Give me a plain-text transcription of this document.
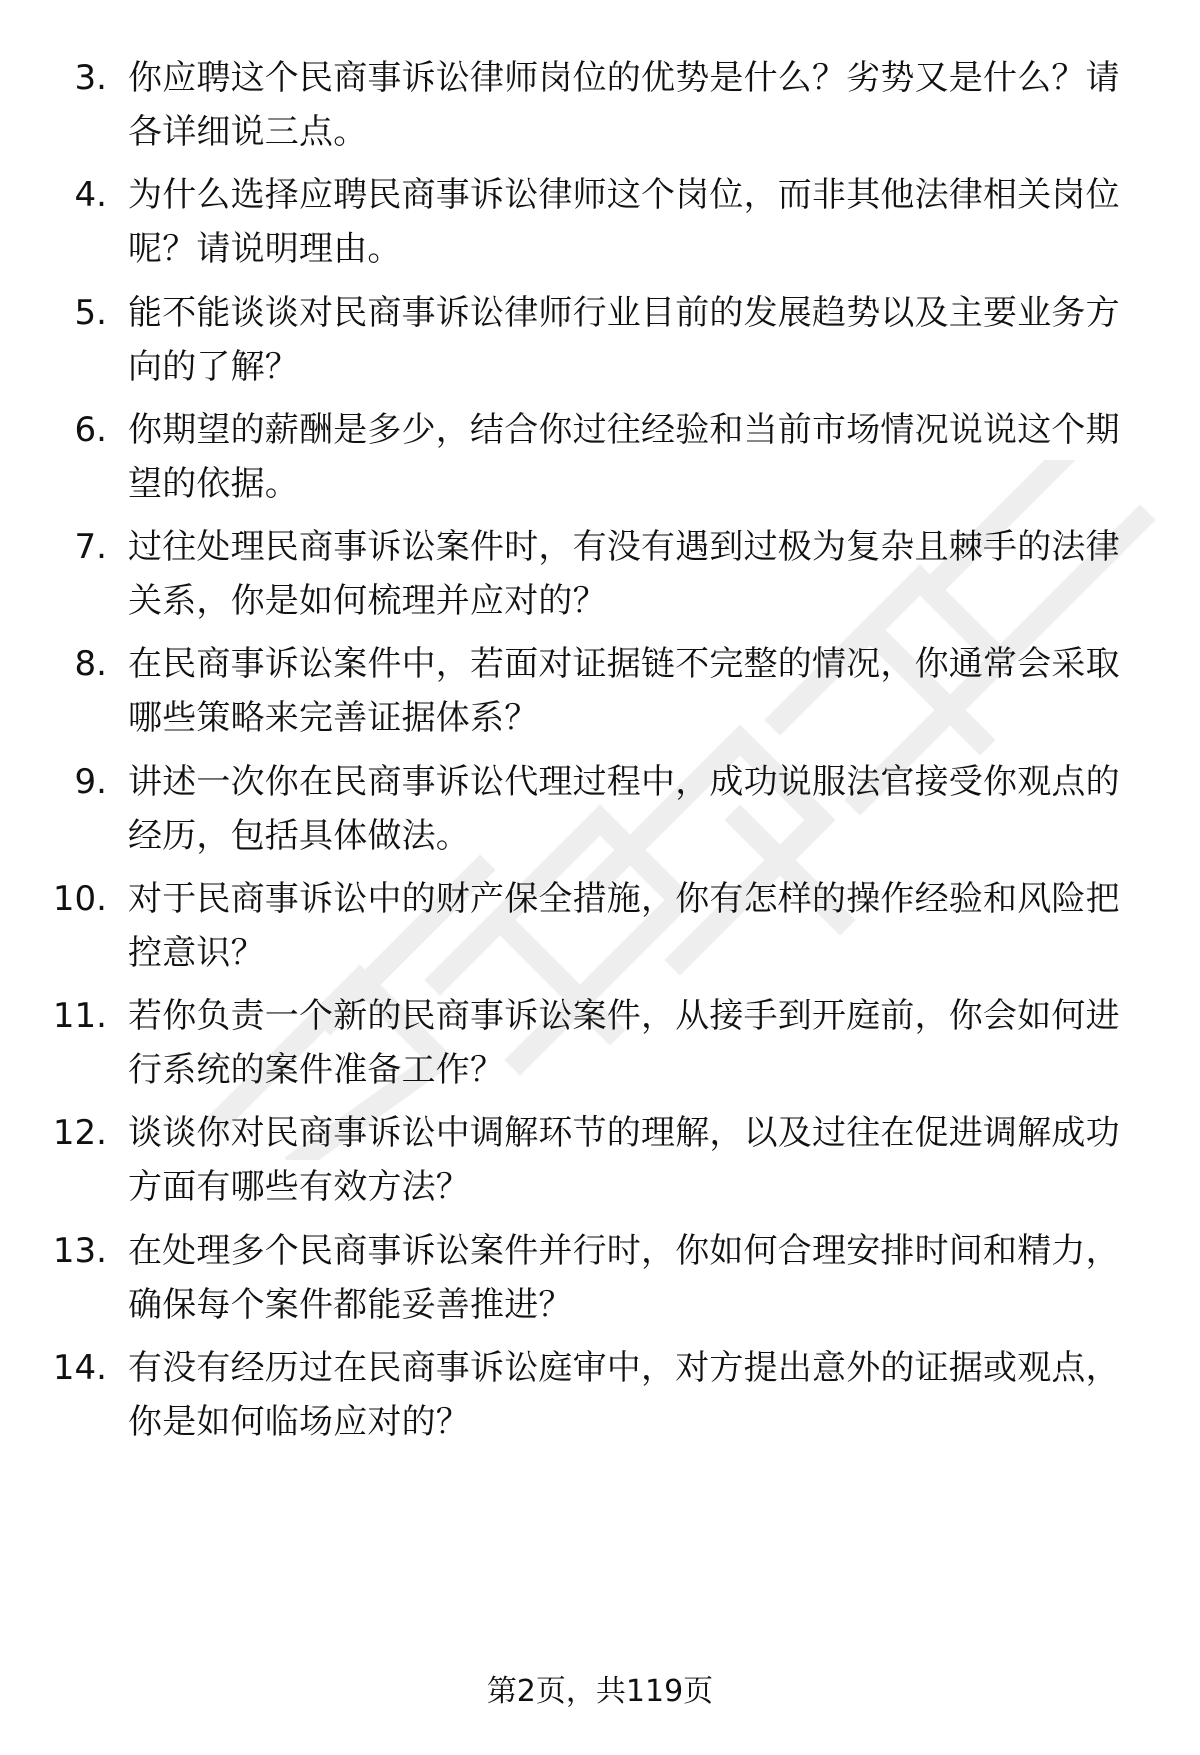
3. 你应聘这个民商事诉讼律师岗位的优势是什么？劣势又是什么？请各详细说三点。
4. 为什么选择应聘民商事诉讼律师这个岗位，而非其他法律相关岗位呢？请说明理由。
5. 能不能谈谈对民商事诉讼律师行业目前的发展趋势以及主要业务方向的了解？
6. 你期望的薪酬是多少，结合你过往经验和当前市场情况说说这个期望的依据。
7. 过往处理民商事诉讼案件时，有没有遇到过极为复杂且棘手的法律关系，你是如何梳理并应对的？
8. 在民商事诉讼案件中，若面对证据链不完整的情况，你通常会采取哪些策略来完善证据体系？
9. 讲述一次你在民商事诉讼代理过程中，成功说服法官接受你观点的经历，包括具体做法。
10. 对于民商事诉讼中的财产保全措施，你有怎样的操作经验和风险把控意识？
11. 若你负责一个新的民商事诉讼案件，从接手到开庭前，你会如何进行系统的案件准备工作？
12. 谈谈你对民商事诉讼中调解环节的理解，以及过往在促进调解成功方面有哪些有效方法？
13. 在处理多个民商事诉讼案件并行时，你如何合理安排时间和精力，确保每个案件都能妥善推进？
14. 有没有经历过在民商事诉讼庭审中，对方提出意外的证据或观点，你是如何临场应对的？
第2页，共119页
